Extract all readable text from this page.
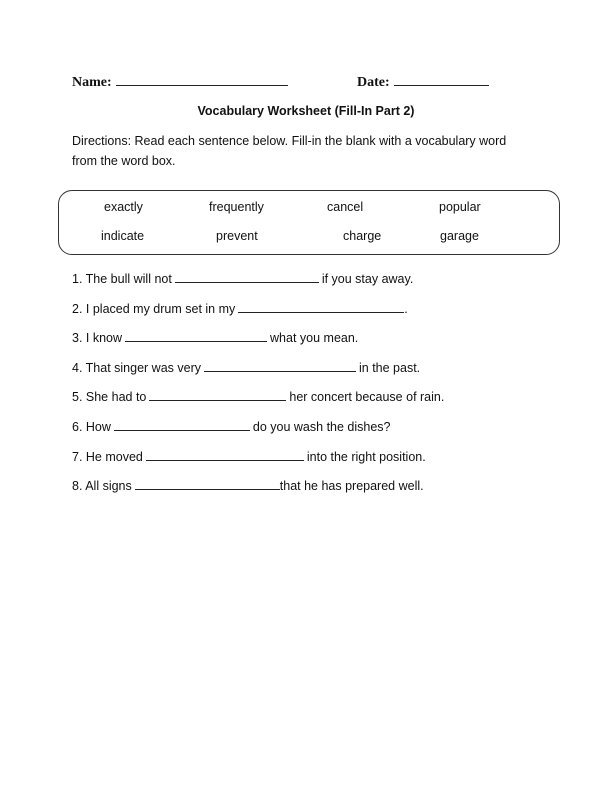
Name:	Date:
Vocabulary Worksheet (Fill-In Part 2)
Directions: Read each sentence below. Fill-in the blank with a vocabulary word from the word box.
exactly	frequently	cancel	popular
indicate	prevent	charge	garage
1. The bull will not	if you stay away.
2. I placed my drum set in my	.
3. I know	what you mean.
4. That singer was very	in the past.
5. She had to	her concert because of rain.
6. How	do you wash the dishes?
7. He moved	into the right position.
8. All signs	that he has prepared well.
